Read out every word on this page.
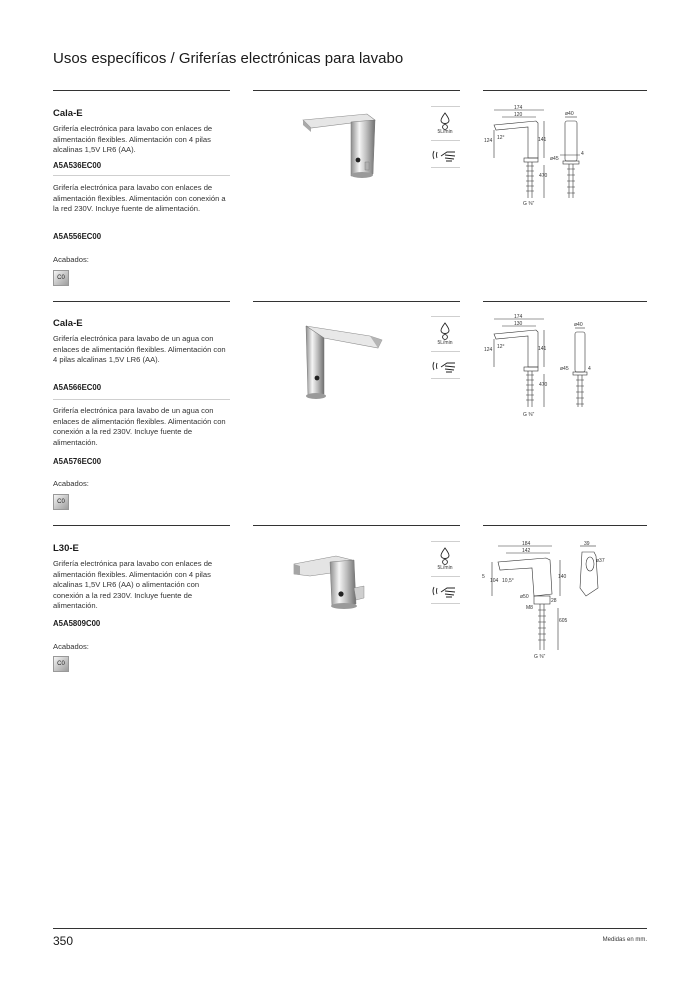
Usos específicos / Griferías electrónicas para lavabo
Cala-E
Grifería electrónica para lavabo con enlaces de alimentación flexibles. Alimentación con 4 pilas alcalinas 1,5V LR6 (AA).
A5A536EC00
Grifería electrónica para lavabo con enlaces de alimentación flexibles. Alimentación con conexión a la red 230V. Incluye fuente de alimentación.
A5A556EC00
Acabados:
C0
5L/min
174
120
141
124 12°
ø40
ø45
4
470
G ⅜"
Cala-E
Grifería electrónica para lavabo de un agua con enlaces de alimentación flexibles. Alimentación con 4 pilas alcalinas 1,5V LR6 (AA).
A5A566EC00
Grifería electrónica para lavabo de un agua con enlaces de alimentación flexibles. Alimentación con conexión a la red 230V. Incluye fuente de alimentación.
A5A576EC00
Acabados:
C0
5L/min
174
130
141
124 12°
ø40
ø45	4
470
G ⅜"
L30-E
Grifería electrónica para lavabo con enlaces de alimentación flexibles. Alimentación con 4 pilas alcalinas 1,5V LR6 (AA) o alimentación con conexión a la red 230V. Incluye fuente de alimentación.
A5A5809C00
Acabados:
C0
5L/min
184
142
140
104 10,5°
39
ø37
ø50
5
28
M8
605
G ⅜"
350	Medidas en mm.
